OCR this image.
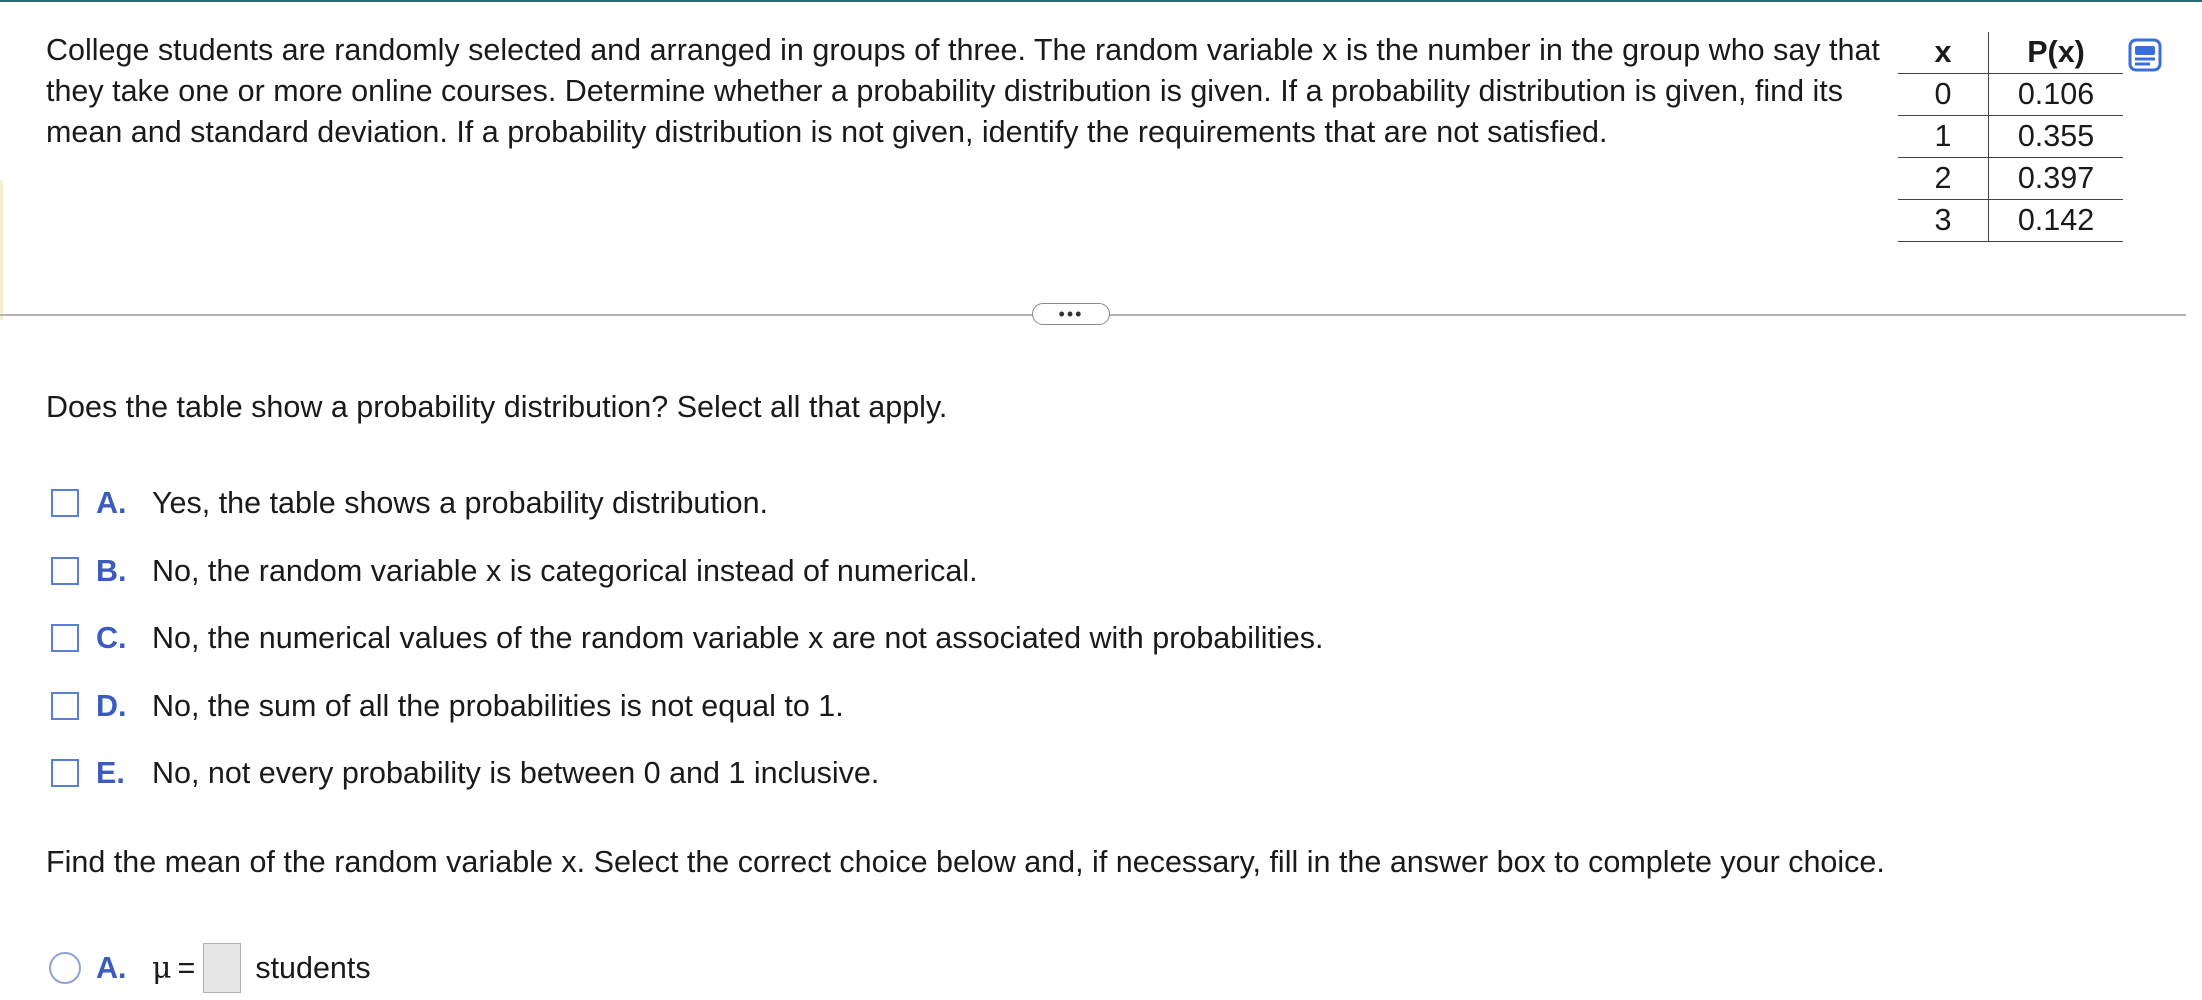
College students are randomly selected and arranged in groups of three. The random variable x is the number in the group who say that they take one or more online courses. Determine whether a probability distribution is given. If a probability distribution is given, find its mean and standard deviation. If a probability distribution is not given, identify the requirements that are not satisfied.
x	P(x)
0	0.106
1	0.355
2	0.397
3	0.142
•••
Does the table show a probability distribution? Select all that apply.
A. Yes, the table shows a probability distribution.
B. No, the random variable x is categorical instead of numerical.
C. No, the numerical values of the random variable x are not associated with probabilities.
D. No, the sum of all the probabilities is not equal to 1.
E. No, not every probability is between 0 and 1 inclusive.
Find the mean of the random variable x. Select the correct choice below and, if necessary, fill in the answer box to complete your choice.
A. μ = students
